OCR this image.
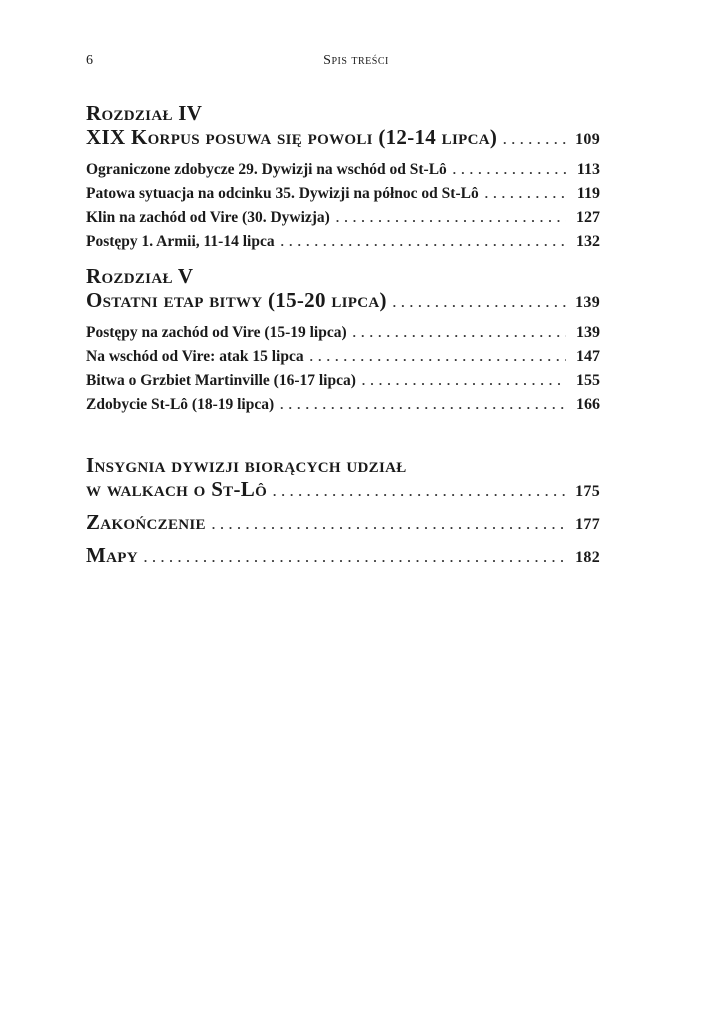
6	Spis treści
Rozdział IV
XIX Korpus posuwa się powoli (12-14 lipca) . . .	109
Ograniczone zdobycze 29. Dywizji na wschód od St-Lô . . .	113
Patowa sytuacja na odcinku 35. Dywizji na północ od St-Lô . . .	119
Klin na zachód od Vire (30. Dywizja) . . .	127
Postępy 1. Armii, 11-14 lipca . . .	132
Rozdział V
Ostatni etap bitwy (15-20 lipca) . . .	139
Postępy na zachód od Vire (15-19 lipca) . . .	139
Na wschód od Vire: atak 15 lipca . . .	147
Bitwa o Grzbiet Martinville (16-17 lipca) . . .	155
Zdobycie St-Lô (18-19 lipca) . . .	166
Insygnia dywizji biorących udział
w walkach o St-Lô . . .	175
Zakończenie . . .	177
Mapy . . .	182
